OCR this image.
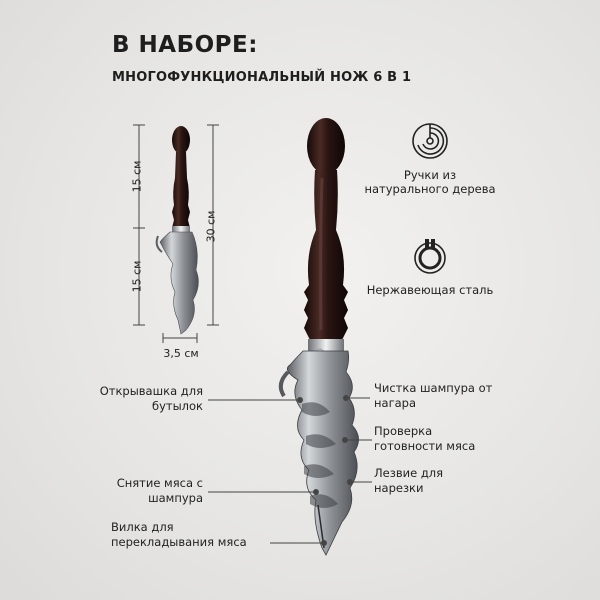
В НАБОРЕ:
МНОГОФУНКЦИОНАЛЬНЫЙ НОЖ 6 В 1
15 см
15 см
30 см
3,5 см
Ручки из натурального дерева
Нержавеющая сталь
Открывашка для бутылок
Снятие мяса с шампура
Вилка для перекладывания мяса
Чистка шампура от нагара
Проверка готовности мяса
Лезвие для нарезки
